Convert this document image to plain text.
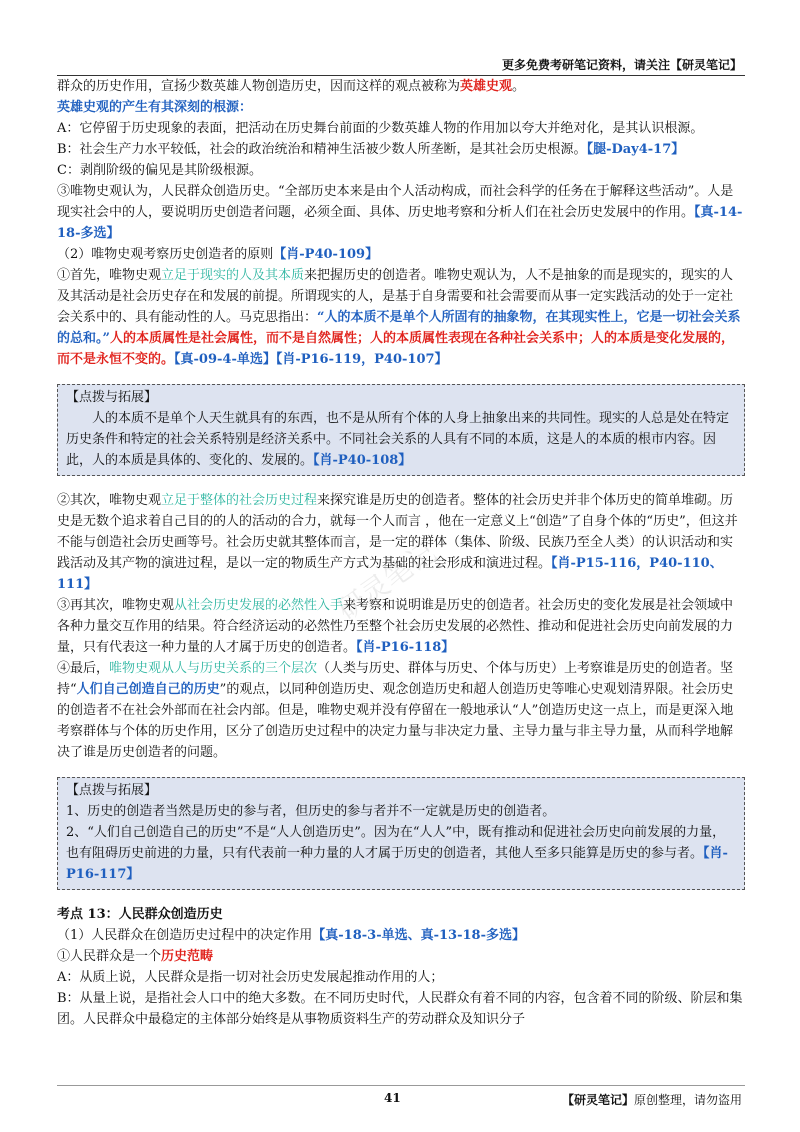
更多免费考研笔记资料，请关注【研灵笔记】
研灵笔记

群众的历史作用，宣扬少数英雄人物创造历史，因而这样的观点被称为英雄史观。

英雄史观的产生有其深刻的根源：

A：它停留于历史现象的表面，把活动在历史舞台前面的少数英雄人物的作用加以夸大并绝对化，是其认识根源。

B：社会生产力水平较低，社会的政治统治和精神生活被少数人所垄断，是其社会历史根源。【腿-Day4-17】

C：剥削阶级的偏见是其阶级根源。

③唯物史观认为，人民群众创造历史。“全部历史本来是由个人活动构成，而社会科学的任务在于解释这些活动”。人是现实社会中的人，要说明历史创造者问题，必须全面、具体、历史地考察和分析人们在社会历史发展中的作用。【真-14-18-多选】

（2）唯物史观考察历史创造者的原则【肖-P40-109】

①首先，唯物史观立足于现实的人及其本质来把握历史的创造者。唯物史观认为，人不是抽象的而是现实的，现实的人及其活动是社会历史存在和发展的前提。所谓现实的人，是基于自身需要和社会需要而从事一定实践活动的处于一定社会关系中的、具有能动性的人。马克思指出：“人的本质不是单个人所固有的抽象物，在其现实性上，它是一切社会关系的总和。”人的本质属性是社会属性，而不是自然属性；人的本质属性表现在各种社会关系中；人的本质是变化发展的，而不是永恒不变的。【真-09-4-单选】【肖-P16-119，P40-107】

【点拨与拓展】

人的本质不是单个人天生就具有的东西，也不是从所有个体的人身上抽象出来的共同性。现实的人总是处在特定历史条件和特定的社会关系特别是经济关系中。不同社会关系的人具有不同的本质，这是人的本质的根市内容。因此，人的本质是具体的、变化的、发展的。【肖-P40-108】

②其次，唯物史观立足于整体的社会历史过程来探究谁是历史的创造者。整体的社会历史并非个体历史的简单堆砌。历史是无数个追求着自己目的的人的活动的合力，就每一个人而言 ，他在一定意义上“创造”了自身个体的“历史”，但这并不能与创造社会历史画等号。社会历史就其整体而言，是一定的群体（集体、阶级、民族乃至全人类）的认识活动和实践活动及其产物的演进过程，是以一定的物质生产方式为基础的社会形成和演进过程。【肖-P15-116，P40-110、111】

③再其次，唯物史观从社会历史发展的必然性入手来考察和说明谁是历史的创造者。社会历史的变化发展是社会领域中各种力量交互作用的结果。符合经济运动的必然性乃至整个社会历史发展的必然性、推动和促进社会历史向前发展的力量，只有代表这一种力量的人才属于历史的创造者。【肖-P16-118】

④最后，唯物史观从人与历史关系的三个层次（人类与历史、群体与历史、个体与历史）上考察谁是历史的创造者。坚持“人们自己创造自己的历史”的观点，以同种创造历史、观念创造历史和超人创造历史等唯心史观划清界限。社会历史的创造者不在社会外部而在社会内部。但是，唯物史观并没有停留在一般地承认“人”创造历史这一点上，而是更深入地考察群体与个体的历史作用，区分了创造历史过程中的决定力量与非决定力量、主导力量与非主导力量，从而科学地解决了谁是历史创造者的问题。

【点拨与拓展】

1、历史的创造者当然是历史的参与者，但历史的参与者并不一定就是历史的创造者。

2、“人们自己创造自己的历史”不是“人人创造历史”。因为在“人人”中，既有推动和促进社会历史向前发展的力量，也有阻碍历史前进的力量，只有代表前一种力量的人才属于历史的创造者，其他人至多只能算是历史的参与者。【肖-P16-117】

考点 13：人民群众创造历史

（1）人民群众在创造历史过程中的决定作用【真-18-3-单选、真-13-18-多选】

①人民群众是一个历史范畴

A：从质上说，人民群众是指一切对社会历史发展起推动作用的人；

B：从量上说，是指社会人口中的绝大多数。在不同历史时代，人民群众有着不同的内容，包含着不同的阶级、阶层和集团。人民群众中最稳定的主体部分始终是从事物质资料生产的劳动群众及知识分子

41	【研灵笔记】原创整理，请勿盗用
